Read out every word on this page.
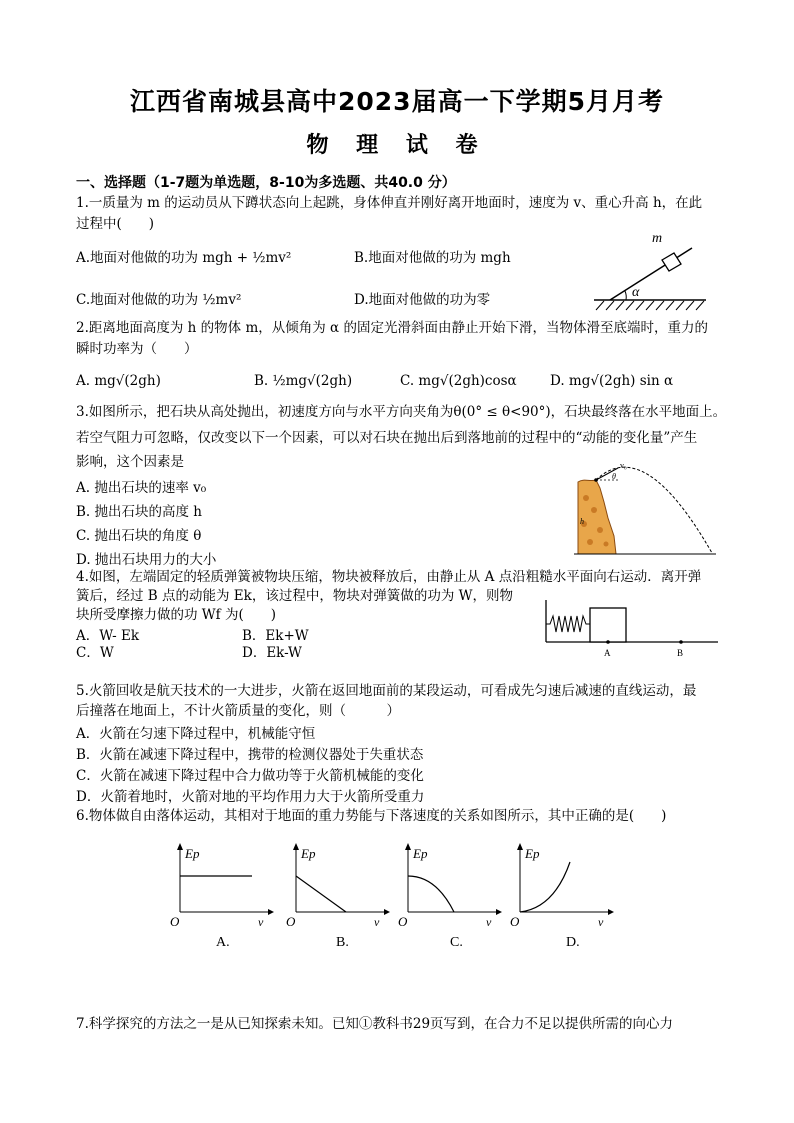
江西省南城县高中2023届高一下学期5月月考
物 理 试 卷
一、选择题（1-7题为单选题，8-10为多选题、共40.0 分）
1.一质量为 m 的运动员从下蹲状态向上起跳，身体伸直并刚好离开地面时，速度为 v、重心升高 h，在此
过程中(　　)
A.地面对他做的功为 mgh + ½mv²	B.地面对他做的功为 mgh
C.地面对他做的功为 ½mv²	D.地面对他做的功为零
m
α
2.距离地面高度为 h 的物体 m，从倾角为 α 的固定光滑斜面由静止开始下滑，当物体滑至底端时，重力的
瞬时功率为（　　）
A. mg√(2gh)	B. ½mg√(2gh)	C. mg√(2gh)cosα D. mg√(2gh) sin α
3.如图所示，把石块从高处抛出，初速度方向与水平方向夹角为θ(0° ≤ θ<90°)，石块最终落在水平地面上。
若空气阻力可忽略，仅改变以下一个因素，可以对石块在抛出后到落地前的过程中的“动能的变化量”产生
影响，这个因素是
A. 抛出石块的速率 v₀
B. 抛出石块的高度 h
C. 抛出石块的角度 θ
D. 抛出石块用力的大小
v₀
θ
h
4.如图，左端固定的轻质弹簧被物块压缩，物块被释放后，由静止从 A 点沿粗糙水平面向右运动．离开弹
簧后，经过 B 点的动能为 Ek，该过程中，物块对弹簧做的功为 W，则物
块所受摩擦力做的功 Wf 为(　　)
A．W- Ek	B．Ek+W
C．W	D．Ek-W	A	B
5.火箭回收是航天技术的一大进步，火箭在返回地面前的某段运动，可看成先匀速后减速的直线运动，最
后撞落在地面上，不计火箭质量的变化，则（　　　）
A．火箭在匀速下降过程中，机械能守恒
B．火箭在减速下降过程中，携带的检测仪器处于失重状态
C．火箭在减速下降过程中合力做功等于火箭机械能的变化
D．火箭着地时，火箭对地的平均作用力大于火箭所受重力
6.物体做自由落体运动，其相对于地面的重力势能与下落速度的关系如图所示，其中正确的是(　　)
Ep
O	v
A.
Ep
O	v
B.
Ep
O	v
C.
Ep
O	v
D.
7.科学探究的方法之一是从已知探索未知。已知①教科书29页写到，在合力不足以提供所需的向心力
